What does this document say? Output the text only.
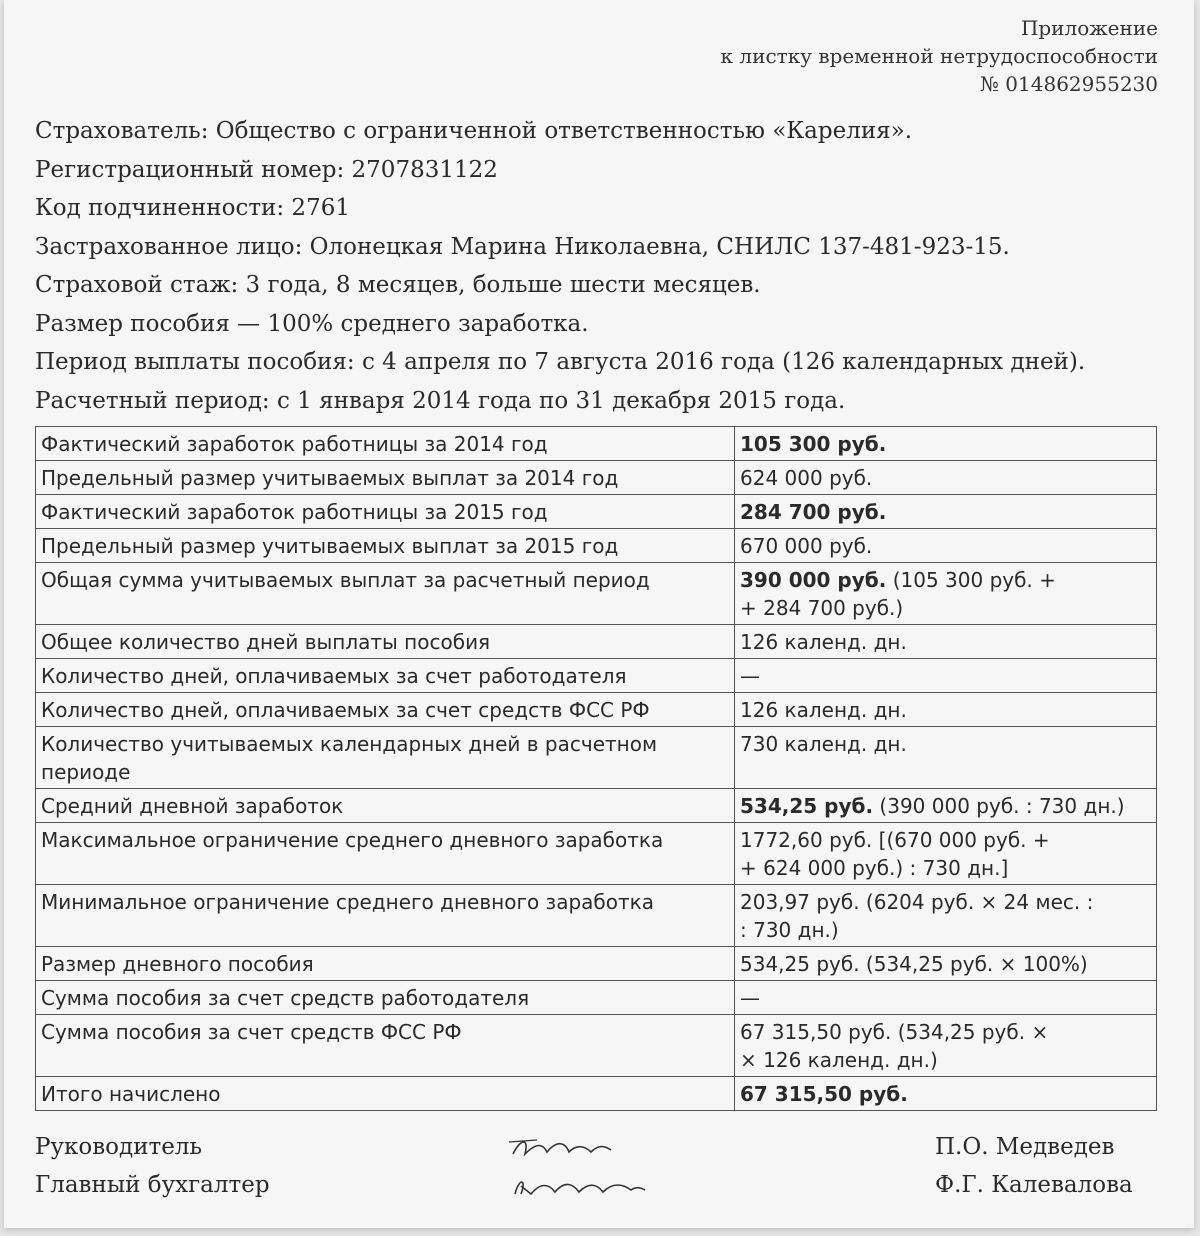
Приложение
к листку временной нетрудоспособности
№ 014862955230
Страхователь: Общество с ограниченной ответственностью «Карелия».
Регистрационный номер: 2707831122
Код подчиненности: 2761
Застрахованное лицо: Олонецкая Марина Николаевна, СНИЛС 137-481-923-15.
Страховой стаж: 3 года, 8 месяцев, больше шести месяцев.
Размер пособия — 100% среднего заработка.
Период выплаты пособия: с 4 апреля по 7 августа 2016 года (126 календарных дней).
Расчетный период: с 1 января 2014 года по 31 декабря 2015 года.
Фактический заработок работницы за 2014 год	105 300 руб.
Предельный размер учитываемых выплат за 2014 год	624 000 руб.
Фактический заработок работницы за 2015 год	284 700 руб.
Предельный размер учитываемых выплат за 2015 год	670 000 руб.
Общая сумма учитываемых выплат за расчетный период	390 000 руб. (105 300 руб. +
+ 284 700 руб.)
Общее количество дней выплаты пособия	126 календ. дн.
Количество дней, оплачиваемых за счет работодателя	—
Количество дней, оплачиваемых за счет средств ФСС РФ	126 календ. дн.
Количество учитываемых календарных дней в расчетном периоде	730 календ. дн.
Средний дневной заработок	534,25 руб. (390 000 руб. : 730 дн.)
Максимальное ограничение среднего дневного заработка	1772,60 руб. [(670 000 руб. +
+ 624 000 руб.) : 730 дн.]
Минимальное ограничение среднего дневного заработка	203,97 руб. (6204 руб. × 24 мес. :
: 730 дн.)
Размер дневного пособия	534,25 руб. (534,25 руб. × 100%)
Сумма пособия за счет средств работодателя	—
Сумма пособия за счет средств ФСС РФ	67 315,50 руб. (534,25 руб. ×
× 126 календ. дн.)
Итого начислено	67 315,50 руб.
Руководитель	П.О. Медведев
Главный бухгалтер	Ф.Г. Калевалова
